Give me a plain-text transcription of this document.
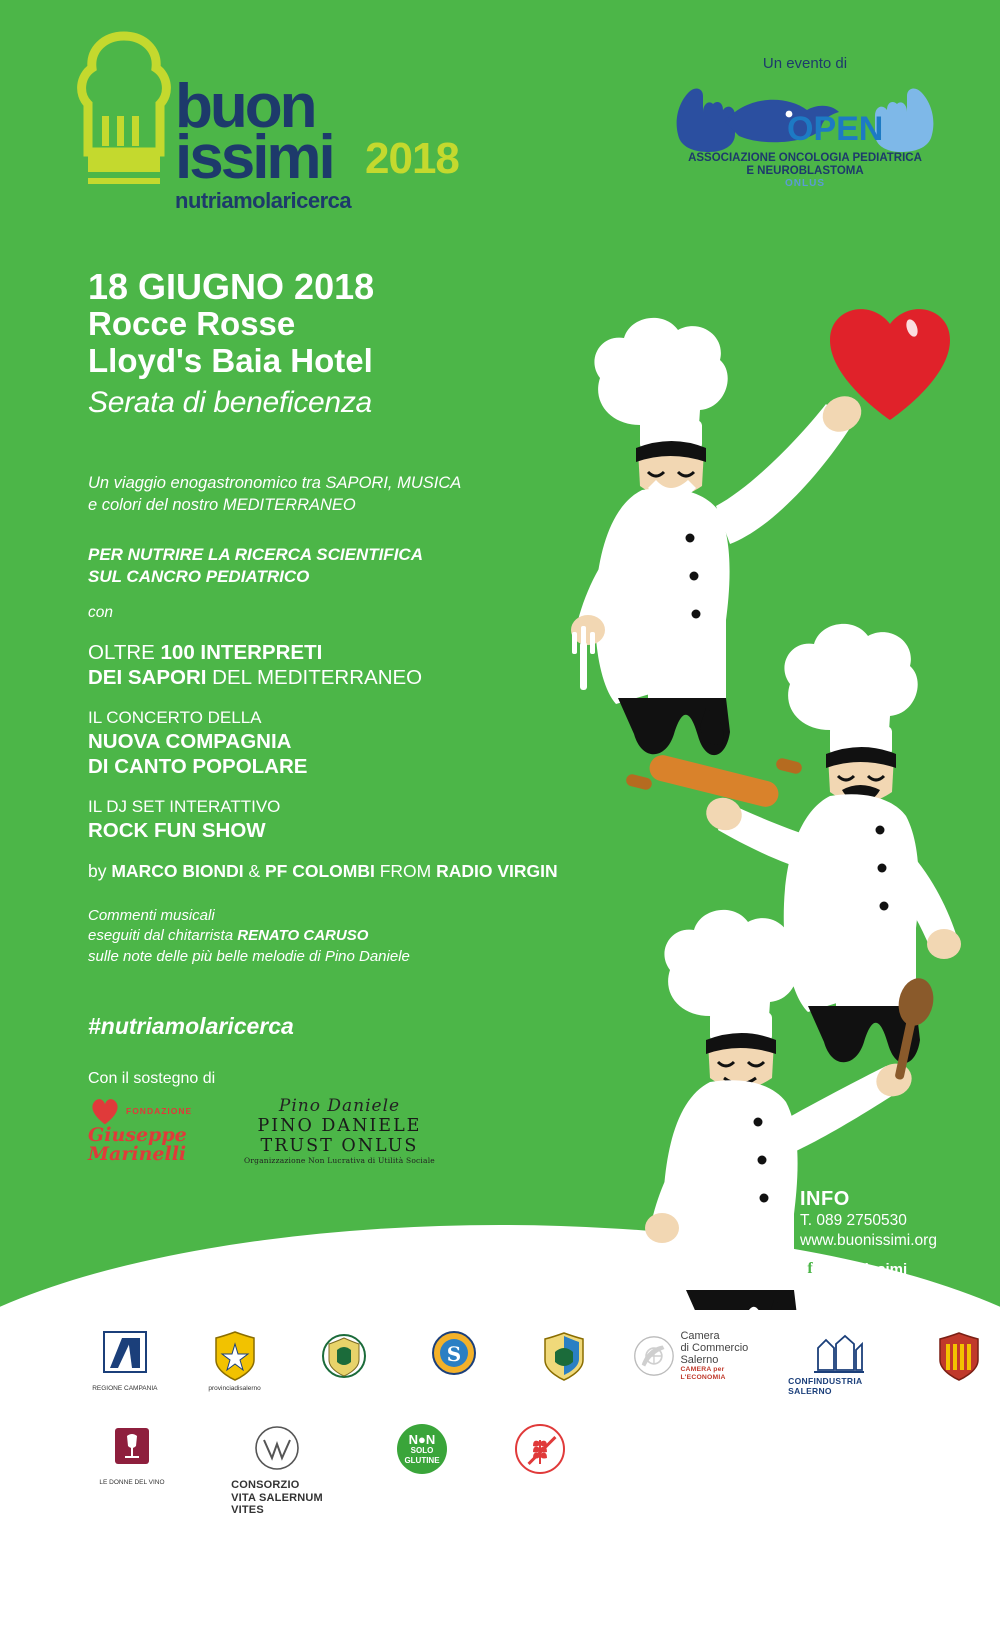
buon
issimi 2018
nutriamolaricerca
Un evento di
OPEN
ASSOCIAZIONE ONCOLOGIA PEDIATRICA
E NEUROBLASTOMA
ONLUS
18 GIUGNO 2018
Rocce Rosse
Lloyd's Baia Hotel
Serata di beneficenza
Un viaggio enogastronomico tra SAPORI, MUSICA
e colori del nostro MEDITERRANEO
PER NUTRIRE LA RICERCA SCIENTIFICA
SUL CANCRO PEDIATRICO
con
OLTRE 100 INTERPRETI
DEI SAPORI DEL MEDITERRANEO
IL CONCERTO DELLA
NUOVA COMPAGNIA
DI CANTO POPOLARE
IL DJ SET INTERATTIVO
ROCK FUN SHOW
by MARCO BIONDI & PF COLOMBI FROM RADIO VIRGIN
Commenti musicali
eseguiti dal chitarrista RENATO CARUSO
sulle note delle più belle melodie di Pino Daniele
#nutriamolaricerca
Con il sostegno di
FONDAZIONE
Giuseppe
Marinelli
Pino Daniele
PINO DANIELE
TRUST ONLUS
Organizzazione Non Lucrativa di Utilità Sociale
INFO
T. 089 2750530
www.buonissimi.org
f	buonissimi
buonissimi
REGIONE CAMPANIA	provinciadisalerno
S
Camera
di Commercio
Salerno
CAMERA per L'ECONOMIA	CONFINDUSTRIA SALERNO
LE DONNE DEL VINO	CONSORZIO
VITA SALERNUM
VITES
N●N
SOLO
GLUTINE
